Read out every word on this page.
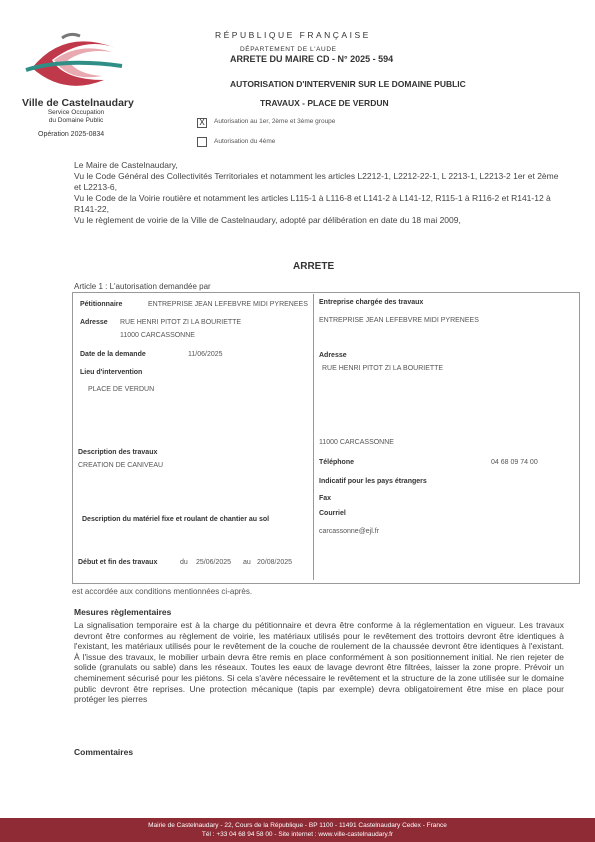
Ville de Castelnaudary
Service Occupation
du Domaine Public
Opération 2025-0834
RÉPUBLIQUE FRANÇAISE
DÉPARTEMENT DE L'AUDE
ARRETE DU MAIRE CD - N° 2025 - 594
AUTORISATION D'INTERVENIR SUR LE DOMAINE PUBLIC
TRAVAUX - PLACE DE VERDUN
X	Autorisation au 1er, 2ème et 3ème groupe
Autorisation du 4ème

Le Maire de Castelnaudary,

Vu le Code Général des Collectivités Territoriales et notamment les articles L2212-1, L2212-22-1, L 2213-1, L2213-2 1er et 2ème et L2213-6,

Vu le Code de la Voirie routière et notamment les articles L115-1 à L116-8 et L141-2 à L141-12, R115-1 à R116-2 et R141-12 à R141-22,

Vu le règlement de voirie de la Ville de Castelnaudary, adopté par délibération en date du 18 mai 2009,

ARRETE
Article 1 : L'autorisation demandée par
Pétitionnaire	ENTREPRISE JEAN LEFEBVRE MIDI PYRENEES
Adresse RUE HENRI PITOT ZI LA BOURIETTE
11000 CARCASSONNE
Date de la demande	11/06/2025
Lieu d'intervention
PLACE DE VERDUN
Description des travaux
CREATION DE CANIVEAU
Description du matériel fixe et roulant de chantier au sol
Début et fin des travaux	du 25/06/2025 au 20/08/2025
Entreprise chargée des travaux
ENTREPRISE JEAN LEFEBVRE MIDI PYRENEES
Adresse
RUE HENRI PITOT ZI LA BOURIETTE
11000 CARCASSONNE
Téléphone	04 68 09 74 00
Indicatif pour les pays étrangers
Fax
Courriel
carcassonne@ejl.fr
est accordée aux conditions mentionnées ci-après.
Mesures règlementaires
La signalisation temporaire est à la charge du pétitionnaire et devra être conforme à la réglementation en vigueur. Les travaux devront être conformes au règlement de voirie, les matériaux utilisés pour le revêtement des trottoirs devront être identiques à l'existant, les matériaux utilisés pour le revêtement de la couche de roulement de la chaussée devront être identiques à l'existant. À l'issue des travaux, le mobilier urbain devra être remis en place conformément à son positionnement initial. Ne rien rejeter de solide (granulats ou sable) dans les réseaux. Toutes les eaux de lavage devront être filtrées, laisser la zone propre. Prévoir un cheminement sécurisé pour les piétons. Si cela s'avère nécessaire le revêtement et la structure de la zone utilisée sur le domaine public devront être reprises. Une protection mécanique (tapis par exemple) devra obligatoirement être mise en place pour protéger les pierres
Commentaires
Mairie de Castelnaudary - 22, Cours de la République - BP 1100 - 11491 Castelnaudary Cedex - France
Tél : +33 04 68 94 58 00 - Site internet : www.ville-castelnaudary.fr
